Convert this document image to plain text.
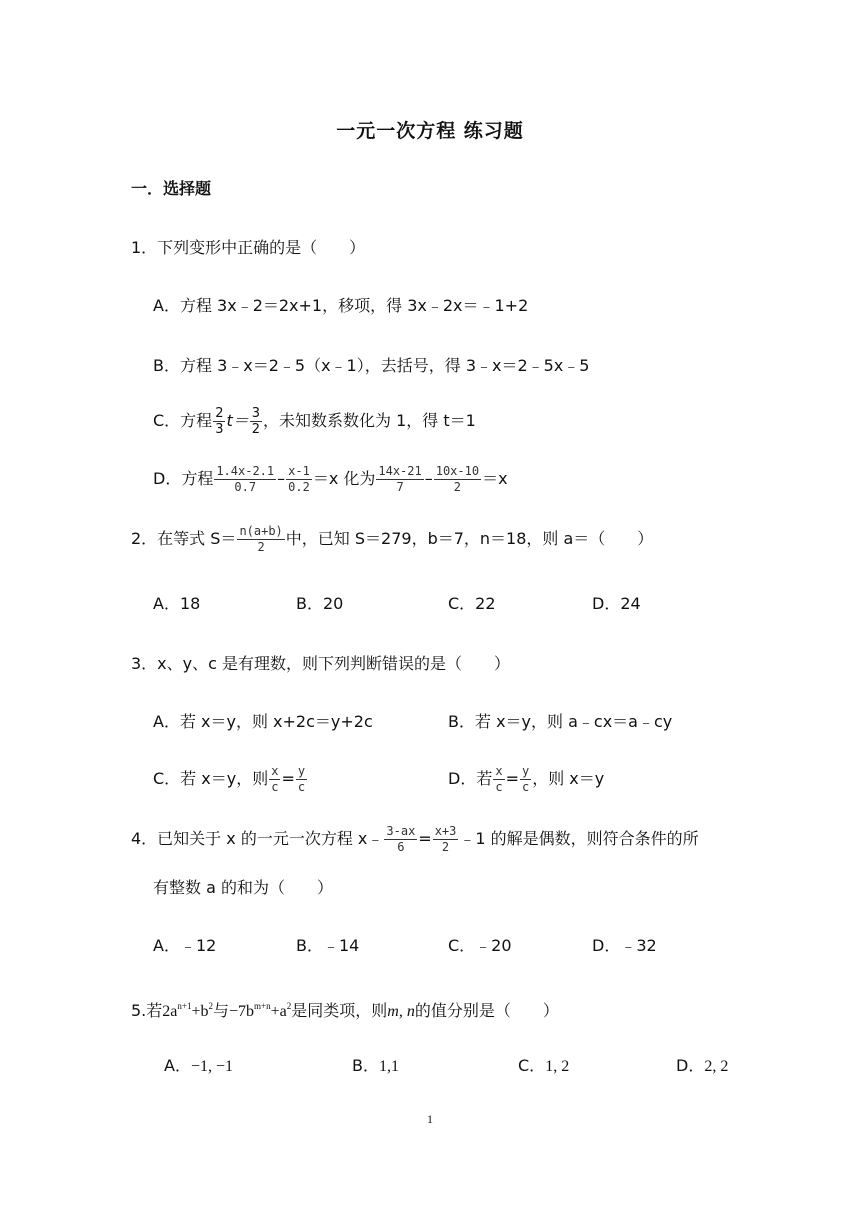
一元一次方程 练习题
一．选择题
1．下列变形中正确的是（　　）
A．方程 3x﹣2＝2x+1，移项，得 3x﹣2x＝﹣1+2
B．方程 3﹣x＝2﹣5（x﹣1），去括号，得 3﹣x＝2﹣5x﹣5
C．方程 $\frac{2}{3} t= \frac{3}{2}$ ，未知数系数化为 1，得 t＝1
D．方程 $\frac{1.4x-2.1}{0.7} - \frac{x-1}{0.2} =x$ 化为 $\frac{14x-21}{7} - \frac{10x-10}{2} =x$
2．在等式 $S= \frac{n(a+b)}{2}$ 中，已知 S＝279，b＝7，n＝18，则 a＝（　　）
A．18	B．20	C．22	D．24
3．x、y、c 是有理数，则下列判断错误的是（　　）
A．若 x＝y，则 x+2c＝y+2c	B．若 x＝y，则 a﹣cx＝a﹣cy
C．若 x＝y，则 $\frac{x}{c} = \frac{y}{c}$	D．若 $\frac{x}{c} = \frac{y}{c}$ ，则 x＝y
4．已知关于 x 的一元一次方程 x﹣ $\frac{3-ax}{6} = \frac{x+3}{2}$ ﹣1 的解是偶数，则符合条件的所
有整数 a 的和为（　　）
A．﹣12	B．﹣14	C．﹣20	D．﹣32
5.若$2a^{n+1}+b^2$与$-7b^{m+n}+a^2$是同类项，则m, n的值分别是（　　）
A．−1, −1	B．1,1	C．1, 2	D．2, 2
1
